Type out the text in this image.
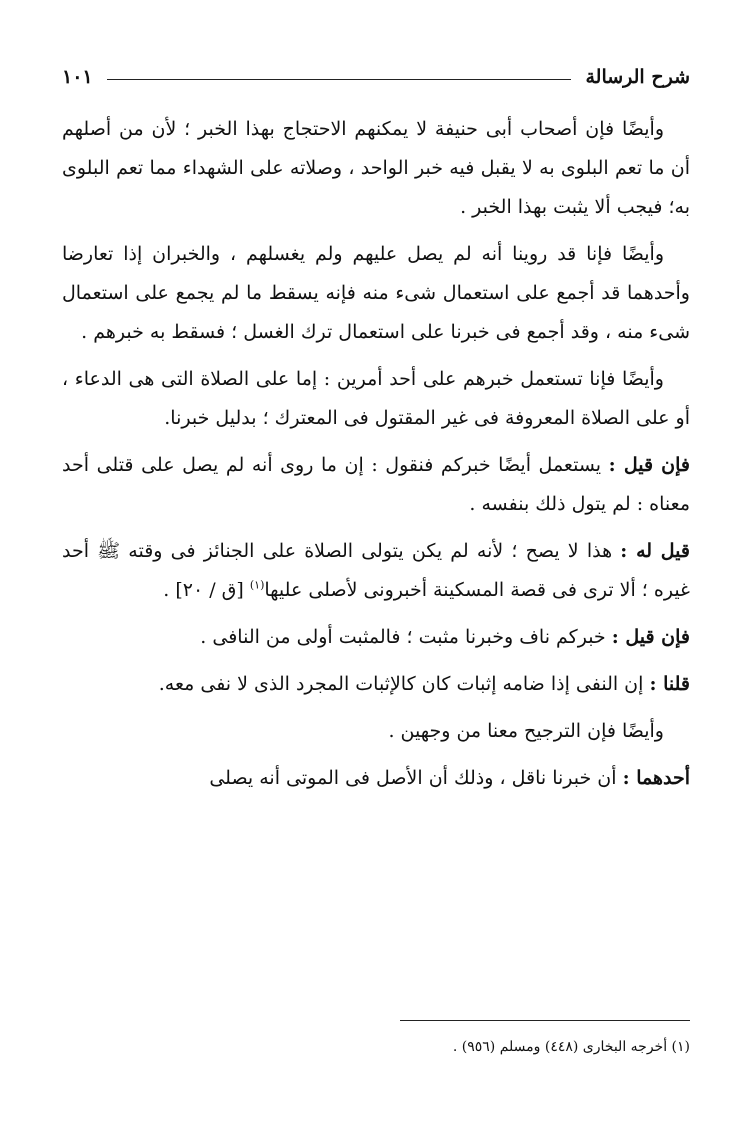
شرح الرسالة
١٠١

وأيضًا فإن أصحاب أبى حنيفة لا يمكنهم الاحتجاج بهذا الخبر ؛ لأن من أصلهم أن ما تعم البلوى به لا يقبل فيه خبر الواحد ، وصلاته على الشهداء مما تعم البلوى به؛ فيجب ألا يثبت بهذا الخبر .

وأيضًا فإنا قد روينا أنه لم يصل عليهم ولم يغسلهم ، والخبران إذا تعارضا وأحدهما قد أجمع على استعمال شىء منه فإنه يسقط ما لم يجمع على استعمال شىء منه ، وقد أجمع فى خبرنا على استعمال ترك الغسل ؛ فسقط به خبرهم .

وأيضًا فإنا تستعمل خبرهم على أحد أمرين : إما على الصلاة التى هى الدعاء ، أو على الصلاة المعروفة فى غير المقتول فى المعترك ؛ بدليل خبرنا.

فإن قيل : يستعمل أيضًا خبركم فنقول : إن ما روى أنه لم يصل على قتلى أحد معناه : لم يتول ذلك بنفسه .

قيل له : هذا لا يصح ؛ لأنه لم يكن يتولى الصلاة على الجنائز فى وقته ﷺ أحد غيره ؛ ألا ترى فى قصة المسكينة أخبرونى لأصلى عليها$^{(١)}$ [ق / ٢٠] .

فإن قيل : خبركم ناف وخبرنا مثبت ؛ فالمثبت أولى من النافى .

قلنا : إن النفى إذا ضامه إثبات كان كالإثبات المجرد الذى لا نفى معه.

وأيضًا فإن الترجيح معنا من وجهين .

أحدهما : أن خبرنا ناقل ، وذلك أن الأصل فى الموتى أنه يصلى

(١) أخرجه البخارى (٤٤٨) ومسلم (٩٥٦) .
